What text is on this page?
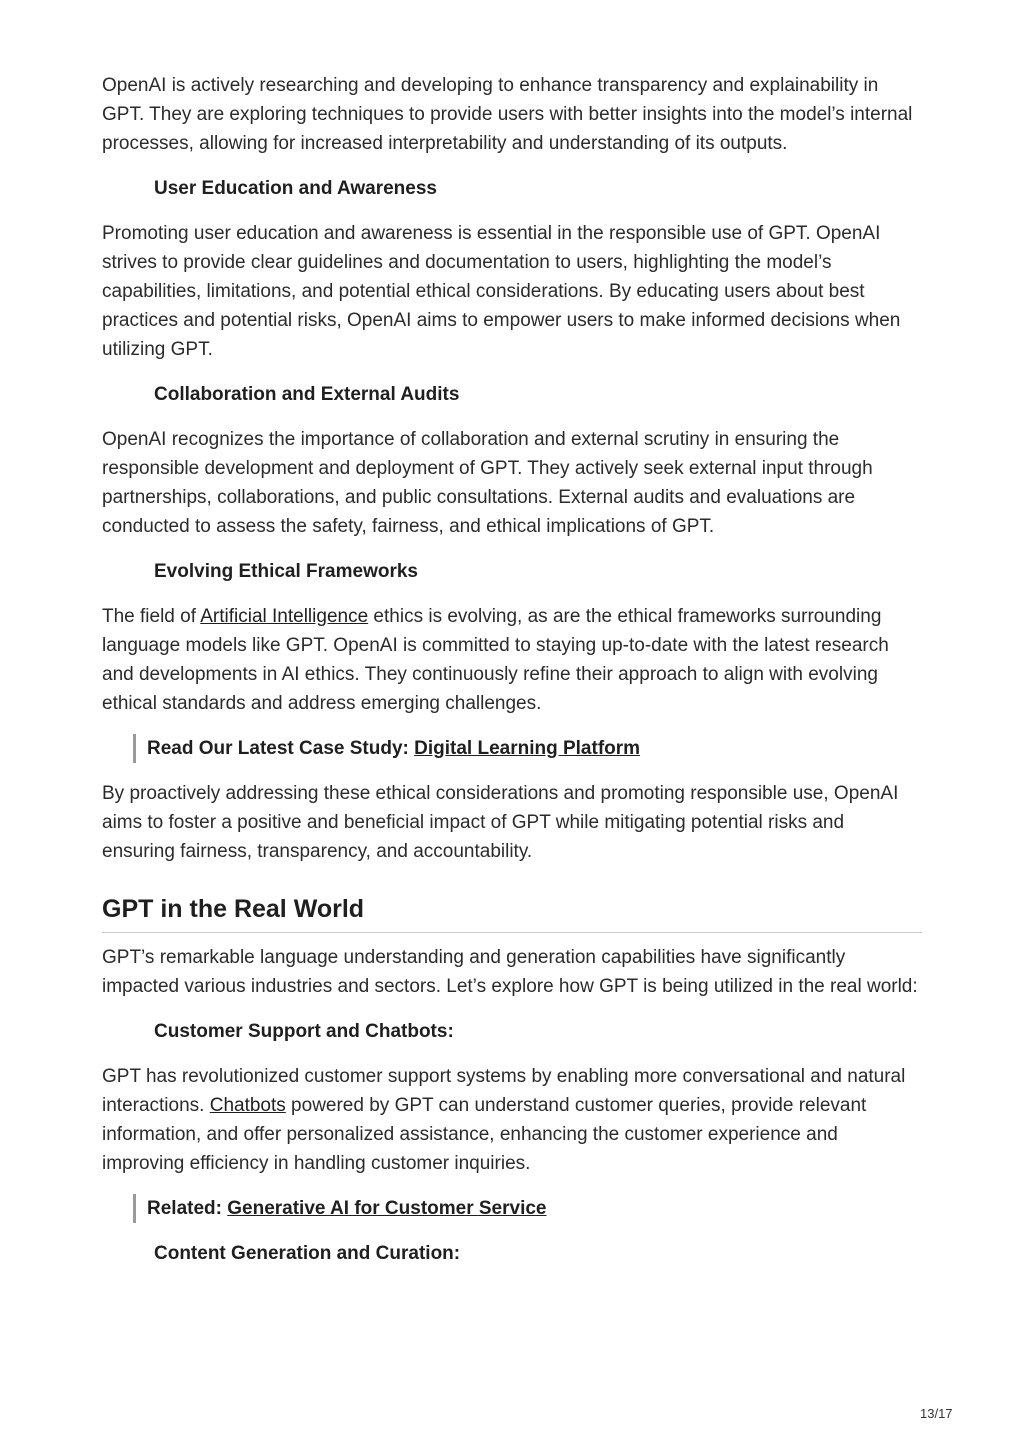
OpenAI is actively researching and developing to enhance transparency and explainability in GPT. They are exploring techniques to provide users with better insights into the model’s internal processes, allowing for increased interpretability and understanding of its outputs.

User Education and Awareness

Promoting user education and awareness is essential in the responsible use of GPT. OpenAI strives to provide clear guidelines and documentation to users, highlighting the model’s capabilities, limitations, and potential ethical considerations. By educating users about best practices and potential risks, OpenAI aims to empower users to make informed decisions when utilizing GPT.

Collaboration and External Audits

OpenAI recognizes the importance of collaboration and external scrutiny in ensuring the responsible development and deployment of GPT. They actively seek external input through partnerships, collaborations, and public consultations. External audits and evaluations are conducted to assess the safety, fairness, and ethical implications of GPT.

Evolving Ethical Frameworks

The field of Artificial Intelligence ethics is evolving, as are the ethical frameworks surrounding language models like GPT. OpenAI is committed to staying up-to-date with the latest research and developments in AI ethics. They continuously refine their approach to align with evolving ethical standards and address emerging challenges.

Read Our Latest Case Study: Digital Learning Platform

By proactively addressing these ethical considerations and promoting responsible use, OpenAI aims to foster a positive and beneficial impact of GPT while mitigating potential risks and ensuring fairness, transparency, and accountability.

GPT in the Real World

GPT’s remarkable language understanding and generation capabilities have significantly impacted various industries and sectors. Let’s explore how GPT is being utilized in the real world:

Customer Support and Chatbots:

GPT has revolutionized customer support systems by enabling more conversational and natural interactions. Chatbots powered by GPT can understand customer queries, provide relevant information, and offer personalized assistance, enhancing the customer experience and improving efficiency in handling customer inquiries.

Related: Generative AI for Customer Service
Content Generation and Curation:
13/17
